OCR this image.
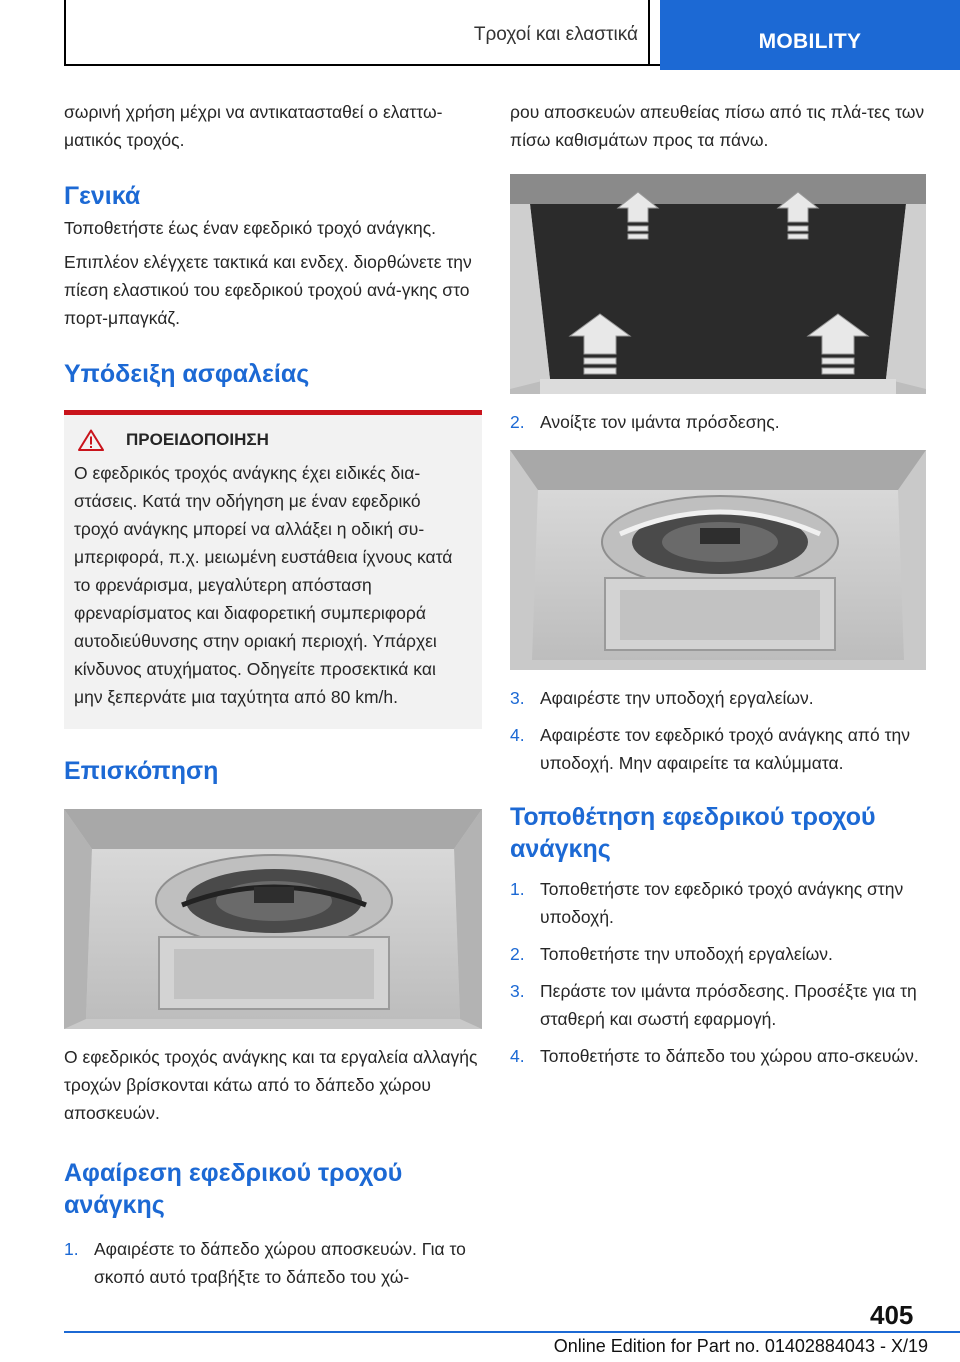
Τροχοί και ελαστικά	MOBILITY

σωρινή χρήση μέχρι να αντικατασταθεί ο ελαττω-ματικός τροχός.

Γενικά

Τοποθετήστε έως έναν εφεδρικό τροχό ανάγκης.

Επιπλέον ελέγχετε τακτικά και ενδεχ. διορθώνετε την πίεση ελαστικού του εφεδρικού τροχού ανά-γκης στο πορτ-μπαγκάζ.

Υπόδειξη ασφαλείας
ΠΡΟΕΙΔΟΠΟΙΗΣΗ
Ο εφεδρικός τροχός ανάγκης έχει ειδικές δια-στάσεις. Κατά την οδήγηση με έναν εφεδρικό τροχό ανάγκης μπορεί να αλλάξει η οδική συ-μπεριφορά, π.χ. μειωμένη ευστάθεια ίχνους κατά το φρενάρισμα, μεγαλύτερη απόσταση φρεναρίσματος και διαφορετική συμπεριφορά αυτοδιεύθυνσης στην οριακή περιοχή. Υπάρχει κίνδυνος ατυχήματος. Οδηγείτε προσεκτικά και μην ξεπερνάτε μια ταχύτητα από 80 km/h.
Επισκόπηση

Ο εφεδρικός τροχός ανάγκης και τα εργαλεία αλλαγής τροχών βρίσκονται κάτω από το δάπεδο χώρου αποσκευών.

Αφαίρεση εφεδρικού τροχού ανάγκης
1. Αφαιρέστε το δάπεδο χώρου αποσκευών. Για το σκοπό αυτό τραβήξτε το δάπεδο του χώ-

ρου αποσκευών απευθείας πίσω από τις πλά-τες των πίσω καθισμάτων προς τα πάνω.

2. Ανοίξτε τον ιμάντα πρόσδεσης.
3. Αφαιρέστε την υποδοχή εργαλείων.
4. Αφαιρέστε τον εφεδρικό τροχό ανάγκης από την υποδοχή. Μην αφαιρείτε τα καλύμματα.
Τοποθέτηση εφεδρικού τροχού ανάγκης
1. Τοποθετήστε τον εφεδρικό τροχό ανάγκης στην υποδοχή.
2. Τοποθετήστε την υποδοχή εργαλείων.
3. Περάστε τον ιμάντα πρόσδεσης. Προσέξτε για τη σταθερή και σωστή εφαρμογή.
4. Τοποθετήστε το δάπεδο του χώρου απο-σκευών.
405
Online Edition for Part no. 01402884043 - X/19
